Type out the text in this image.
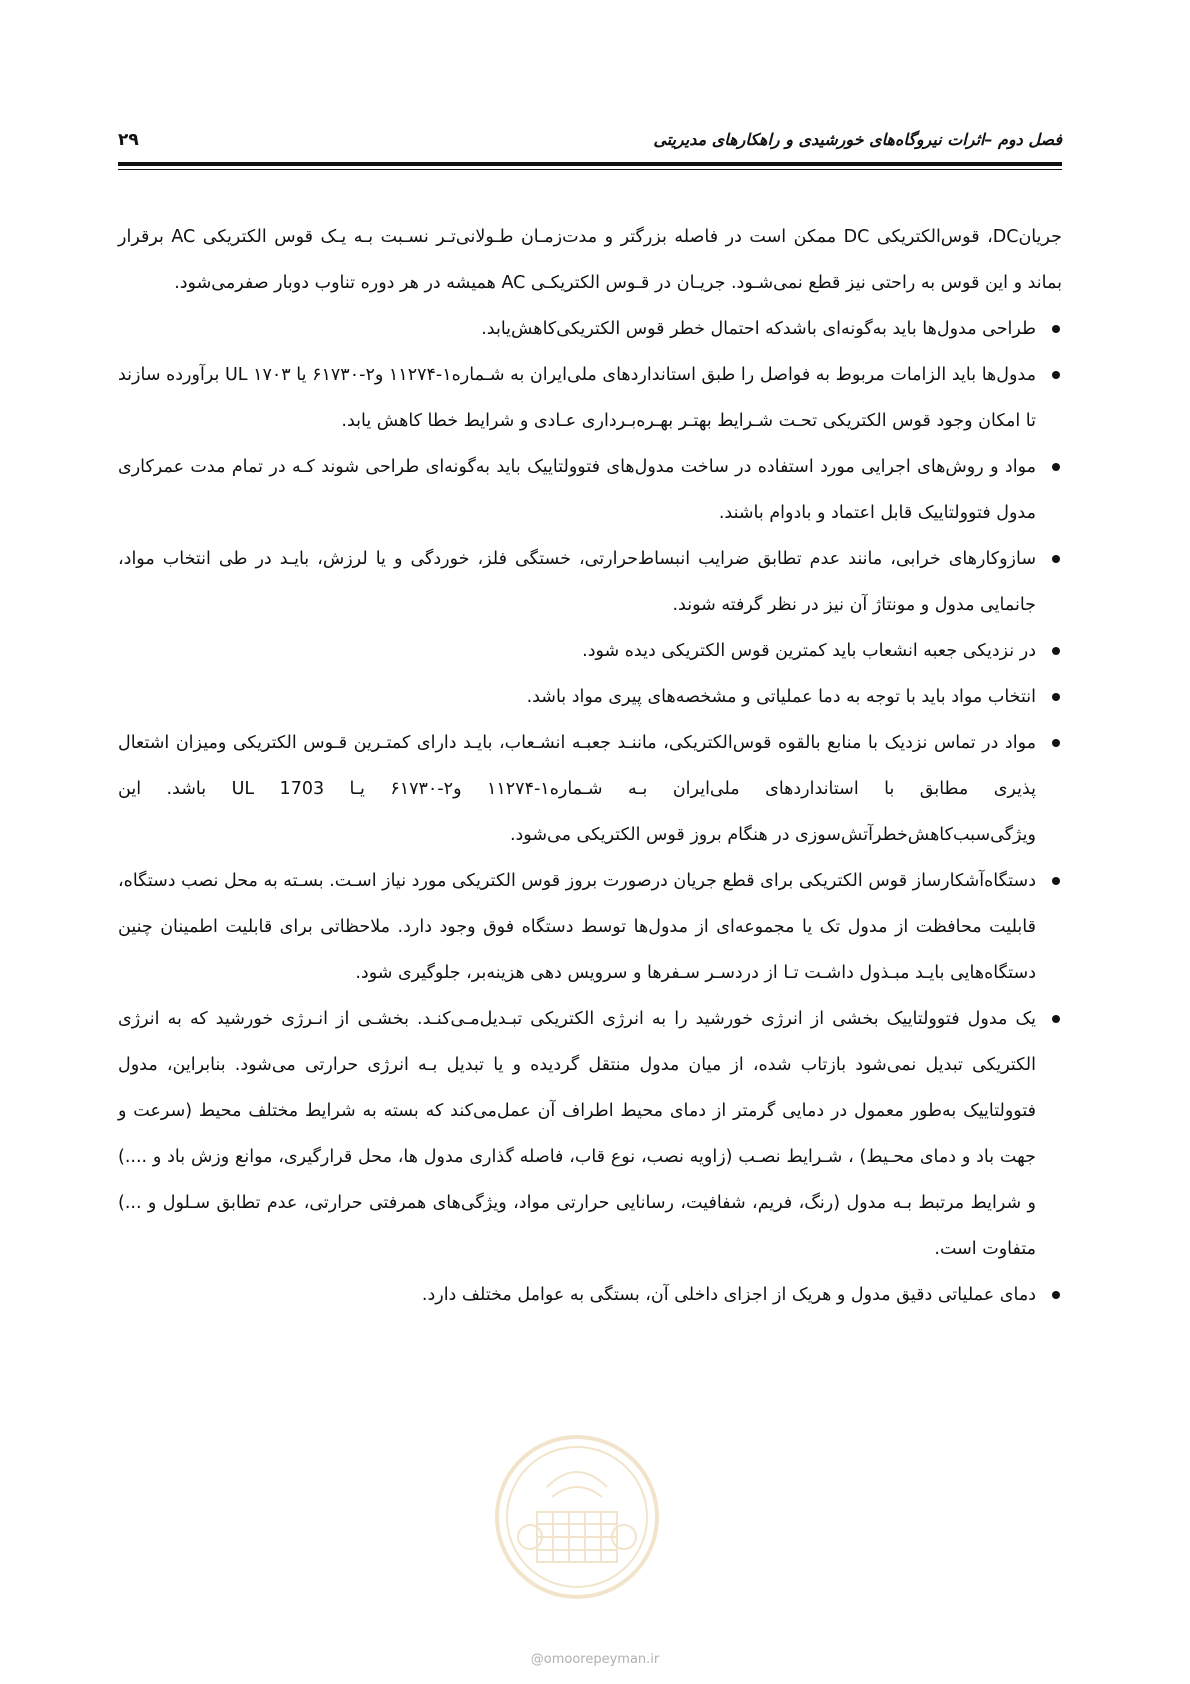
فصل دوم –اثرات نیروگاه‌های خورشیدی و راهکارهای مدیریتی
۲۹

جریانDC، قوس‌الکتریکی DC ممکن است در فاصله بزرگتر و مدت‌زمـان طـولانی‌تـر نسـبت بـه یـک قوس الکتریکی AC برقرار بماند و این قوس به راحتی نیز قطع نمی‌شـود. جریـان در قـوس الکتریکـی AC همیشه در هر دوره تناوب دوبار صفرمی‌شود.

طراحی مدول‌ها باید به‌گونه‌ای باشدکه احتمال خطر قوس الکتریکی‌کاهش‌یابد.
مدول‌ها باید الزامات مربوط به فواصل را طبق استانداردهای ملی‌ایران به شـماره۱-۱۱۲۷۴ و۲-۶۱۷۳۰ یا ۱۷۰۳ UL برآورده سازند تا امکان وجود قوس الکتریکی تحـت شـرایط بهتـر بهـره‌بـرداری عـادی و شرایط خطا کاهش یابد.
مواد و روش‌های اجرایی مورد استفاده در ساخت مدول‌های فتوولتاییک باید به‌گونه‌ای طراحی شوند کـه در تمام مدت عمرکاری مدول فتوولتاییک قابل اعتماد و بادوام باشند.
سازوکارهای خرابی، مانند عدم تطابق ضرایب انبساط‌حرارتی، خستگی فلز، خوردگی و یا لرزش، بایـد در طی انتخاب مواد، جانمایی مدول و مونتاژ آن نیز در نظر گرفته شوند.
در نزدیکی جعبه انشعاب باید کمترین قوس الکتریکی دیده شود.
انتخاب مواد باید با توجه به دما عملیاتی و مشخصه‌های پیری مواد باشد.
مواد در تماس نزدیک با منابع بالقوه قوس‌الکتریکی، ماننـد جعبـه انشـعاب، بایـد دارای کمتـرین قـوس الکتریکی ومیزان اشتعال پذیری مطابق با استانداردهای ملی‌ایران بـه شـماره۱-۱۱۲۷۴ و۲-۶۱۷۳۰ یـا UL 1703 باشد. این ویژگی‌سبب‌کاهش‌خطرآتش‌سوزی در هنگام بروز قوس الکتریکی می‌شود.
دستگاه‌آشکارساز قوس الکتریکی برای قطع جریان درصورت بروز قوس الکتریکی مورد نیاز اسـت. بسـته به محل نصب دستگاه، قابلیت محافظت از مدول تک یا مجموعه‌ای از مدول‌ها توسط دستگاه فوق وجود دارد. ملاحظاتی برای قابلیت اطمینان چنین دستگاه‌هایی بایـد مبـذول داشـت تـا از دردسـر سـفرها و سرویس دهی هزینه‌بر، جلوگیری شود.
یک مدول فتوولتاییک بخشی از انرژی خورشید را به انرژی الکتریکی تبـدیل‌مـی‌کنـد. بخشـی از انـرژی خورشید که به انرژی الکتریکی تبدیل نمی‌شود بازتاب شده، از میان مدول منتقل گردیده و یا تبدیل بـه انرژی حرارتی می‌شود. بنابراین، مدول فتوولتاییک به‌طور معمول در دمایی گرمتر از دمای محیط اطراف آن عمل‌می‌کند که بسته به شرایط مختلف محیط (سرعت و جهت باد و دمای محـیط) ، شـرایط نصـب (زاویه نصب، نوع قاب، فاصله گذاری مدول ها، محل قرارگیری، موانع وزش باد و ....) و شرایط مرتبط بـه مدول (رنگ، فریم، شفافیت، رسانایی حرارتی مواد، ویژگی‌های همرفتی حرارتی، عدم تطابق سـلول و ...) متفاوت است.
دمای عملیاتی دقیق مدول و هریک از اجزای داخلی آن، بستگی به عوامل مختلف دارد.
@omoorepeyman.ir
